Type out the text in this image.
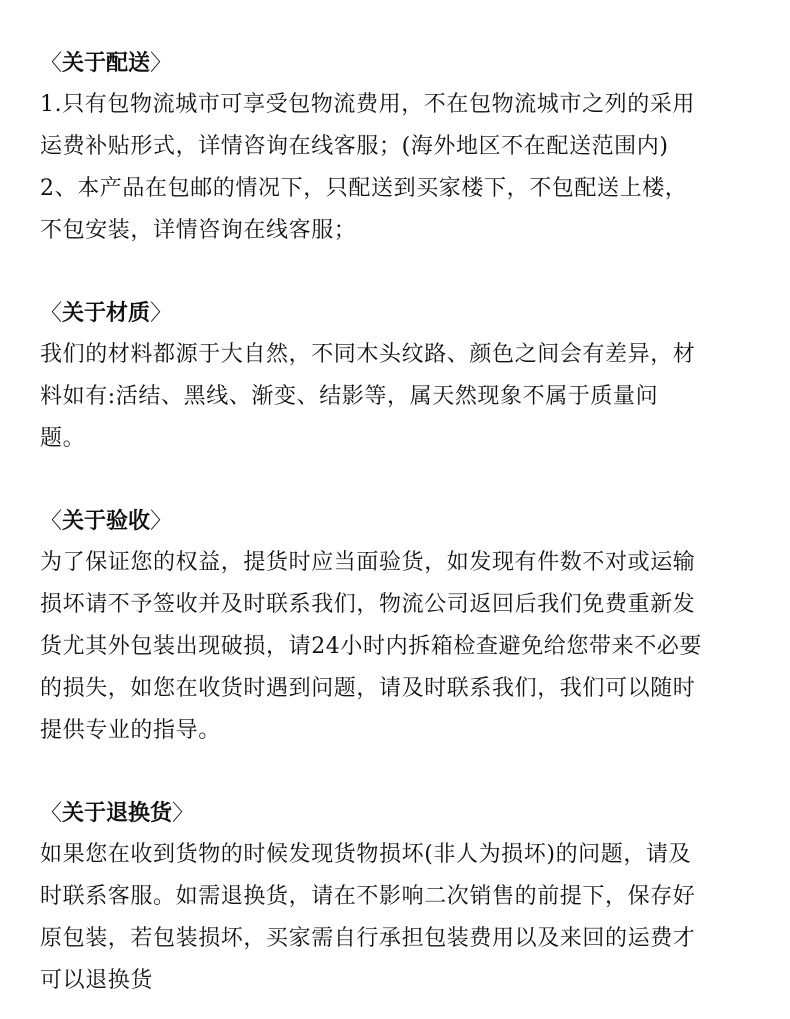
〈关于配送〉
1.只有包物流城市可享受包物流费用，不在包物流城市之列的采用
运费补贴形式，详情咨询在线客服；(海外地区不在配送范围内)
2、本产品在包邮的情况下，只配送到买家楼下，不包配送上楼，
不包安装，详情咨询在线客服；
〈关于材质〉
我们的材料都源于大自然，不同木头纹路、颜色之间会有差异，材
料如有:活结、黑线、渐变、结影等，属天然现象不属于质量问
题。
〈关于验收〉
为了保证您的权益，提货时应当面验货，如发现有件数不对或运输
损坏请不予签收并及时联系我们，物流公司返回后我们免费重新发
货尤其外包装出现破损，请24小时内拆箱检查避免给您带来不必要
的损失，如您在收货时遇到问题，请及时联系我们，我们可以随时
提供专业的指导。
〈关于退换货〉
如果您在收到货物的时候发现货物损坏(非人为损坏)的问题，请及
时联系客服。如需退换货，请在不影响二次销售的前提下，保存好
原包装，若包装损坏，买家需自行承担包装费用以及来回的运费才
可以退换货
